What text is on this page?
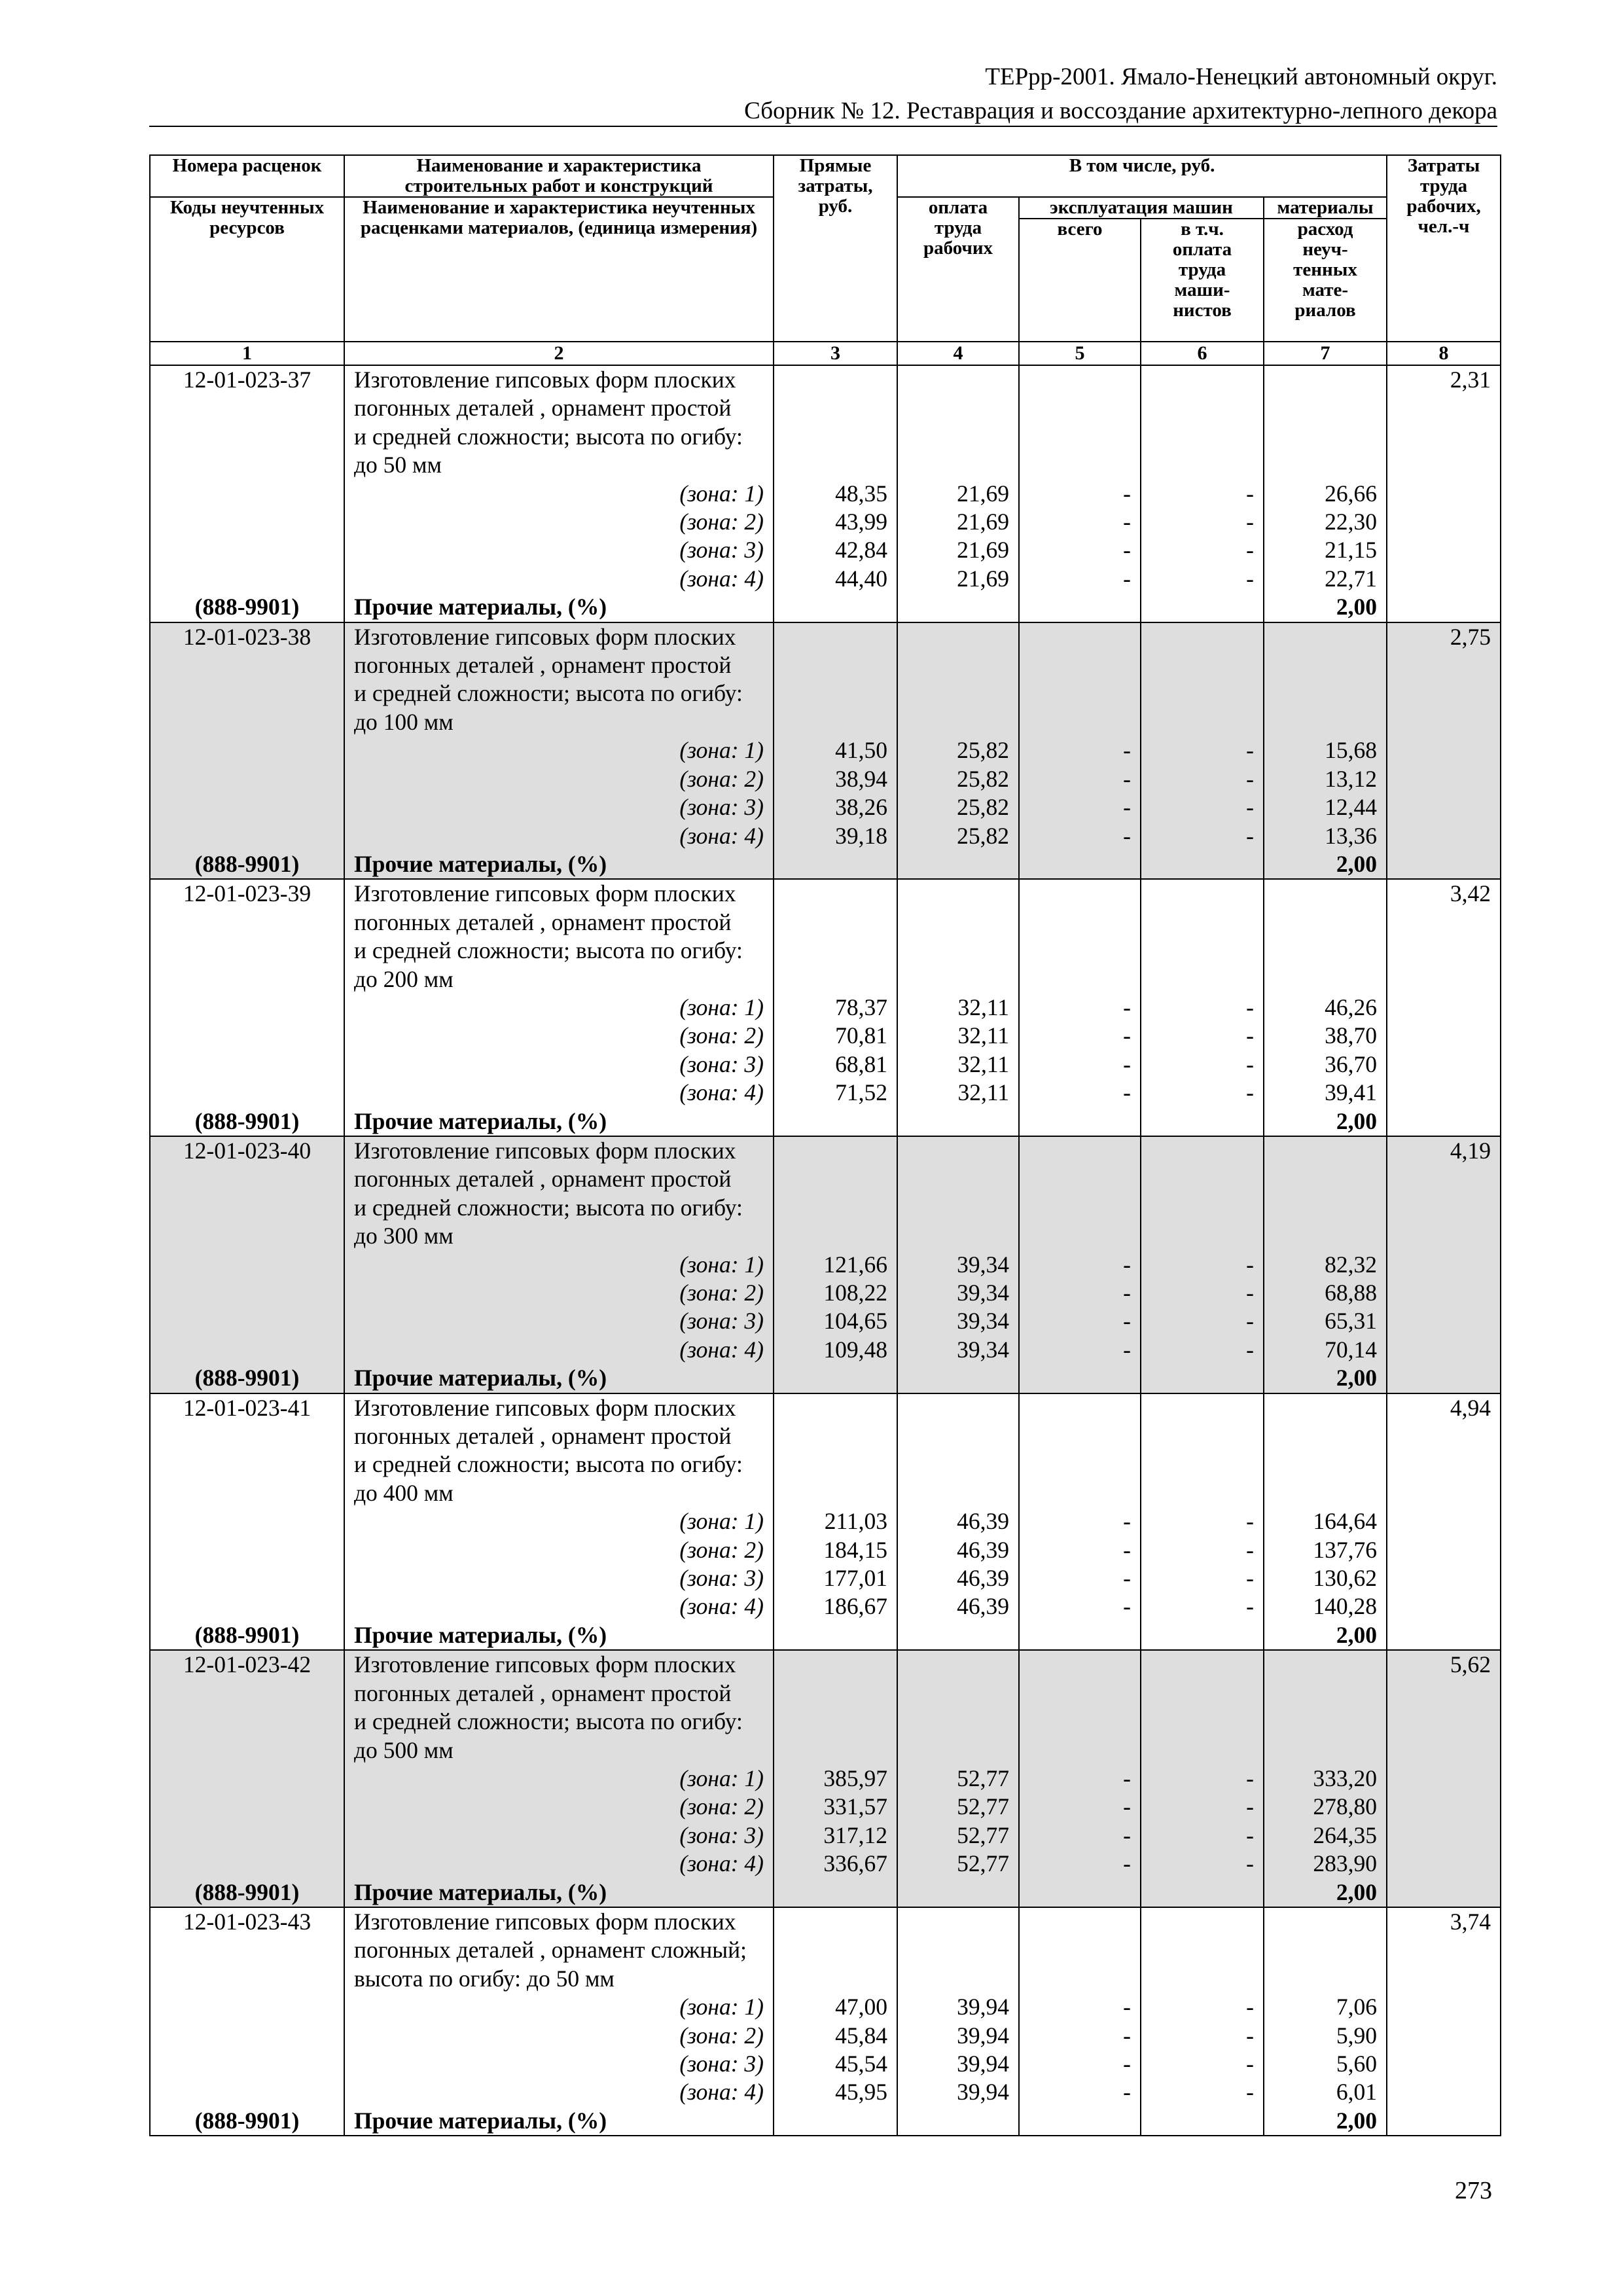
ТЕРрр-2001. Ямало-Ненецкий автономный округ.
Сборник № 12. Реставрация и воссоздание архитектурно-лепного декора
Номера расценок	Наименование и характеристика строительных работ и конструкций	Прямые затраты, руб.	В том числе, руб.				Затраты труда рабочих, чел.-ч
Коды неучтенных ресурсов	Наименование и характеристика неучтенных расценками материалов, (единица измерения)		оплата труда рабочих	эксплуатация машин		материалы	
				всего	в т.ч. оплата труда маши-нистов	расход неуч-тенных мате-риалов	
1	2	3	4	5	6	7	8
12-01-023-37	Изготовление гипсовых форм плоских						2,31
	погонных деталей , орнамент простой						
	и средней сложности; высота по огибу:						
	до 50 мм						
	(зона: 1)	48,35	21,69	-	-	26,66	
	(зона: 2)	43,99	21,69	-	-	22,30	
	(зона: 3)	42,84	21,69	-	-	21,15	
	(зона: 4)	44,40	21,69	-	-	22,71	
(888-9901)	Прочие материалы, (%)					2,00	
12-01-023-38	Изготовление гипсовых форм плоских						2,75
	погонных деталей , орнамент простой						
	и средней сложности; высота по огибу:						
	до 100 мм						
	(зона: 1)	41,50	25,82	-	-	15,68	
	(зона: 2)	38,94	25,82	-	-	13,12	
	(зона: 3)	38,26	25,82	-	-	12,44	
	(зона: 4)	39,18	25,82	-	-	13,36	
(888-9901)	Прочие материалы, (%)					2,00	
12-01-023-39	Изготовление гипсовых форм плоских						3,42
	погонных деталей , орнамент простой						
	и средней сложности; высота по огибу:						
	до 200 мм						
	(зона: 1)	78,37	32,11	-	-	46,26	
	(зона: 2)	70,81	32,11	-	-	38,70	
	(зона: 3)	68,81	32,11	-	-	36,70	
	(зона: 4)	71,52	32,11	-	-	39,41	
(888-9901)	Прочие материалы, (%)					2,00	
12-01-023-40	Изготовление гипсовых форм плоских						4,19
	погонных деталей , орнамент простой						
	и средней сложности; высота по огибу:						
	до 300 мм						
	(зона: 1)	121,66	39,34	-	-	82,32	
	(зона: 2)	108,22	39,34	-	-	68,88	
	(зона: 3)	104,65	39,34	-	-	65,31	
	(зона: 4)	109,48	39,34	-	-	70,14	
(888-9901)	Прочие материалы, (%)					2,00	
12-01-023-41	Изготовление гипсовых форм плоских						4,94
	погонных деталей , орнамент простой						
	и средней сложности; высота по огибу:						
	до 400 мм						
	(зона: 1)	211,03	46,39	-	-	164,64	
	(зона: 2)	184,15	46,39	-	-	137,76	
	(зона: 3)	177,01	46,39	-	-	130,62	
	(зона: 4)	186,67	46,39	-	-	140,28	
(888-9901)	Прочие материалы, (%)					2,00	
12-01-023-42	Изготовление гипсовых форм плоских						5,62
	погонных деталей , орнамент простой						
	и средней сложности; высота по огибу:						
	до 500 мм						
	(зона: 1)	385,97	52,77	-	-	333,20	
	(зона: 2)	331,57	52,77	-	-	278,80	
	(зона: 3)	317,12	52,77	-	-	264,35	
	(зона: 4)	336,67	52,77	-	-	283,90	
(888-9901)	Прочие материалы, (%)					2,00	
12-01-023-43	Изготовление гипсовых форм плоских						3,74
	погонных деталей , орнамент сложный;						
	высота по огибу: до 50 мм						
	(зона: 1)	47,00	39,94	-	-	7,06	
	(зона: 2)	45,84	39,94	-	-	5,90	
	(зона: 3)	45,54	39,94	-	-	5,60	
	(зона: 4)	45,95	39,94	-	-	6,01	
(888-9901)	Прочие материалы, (%)					2,00	
273
